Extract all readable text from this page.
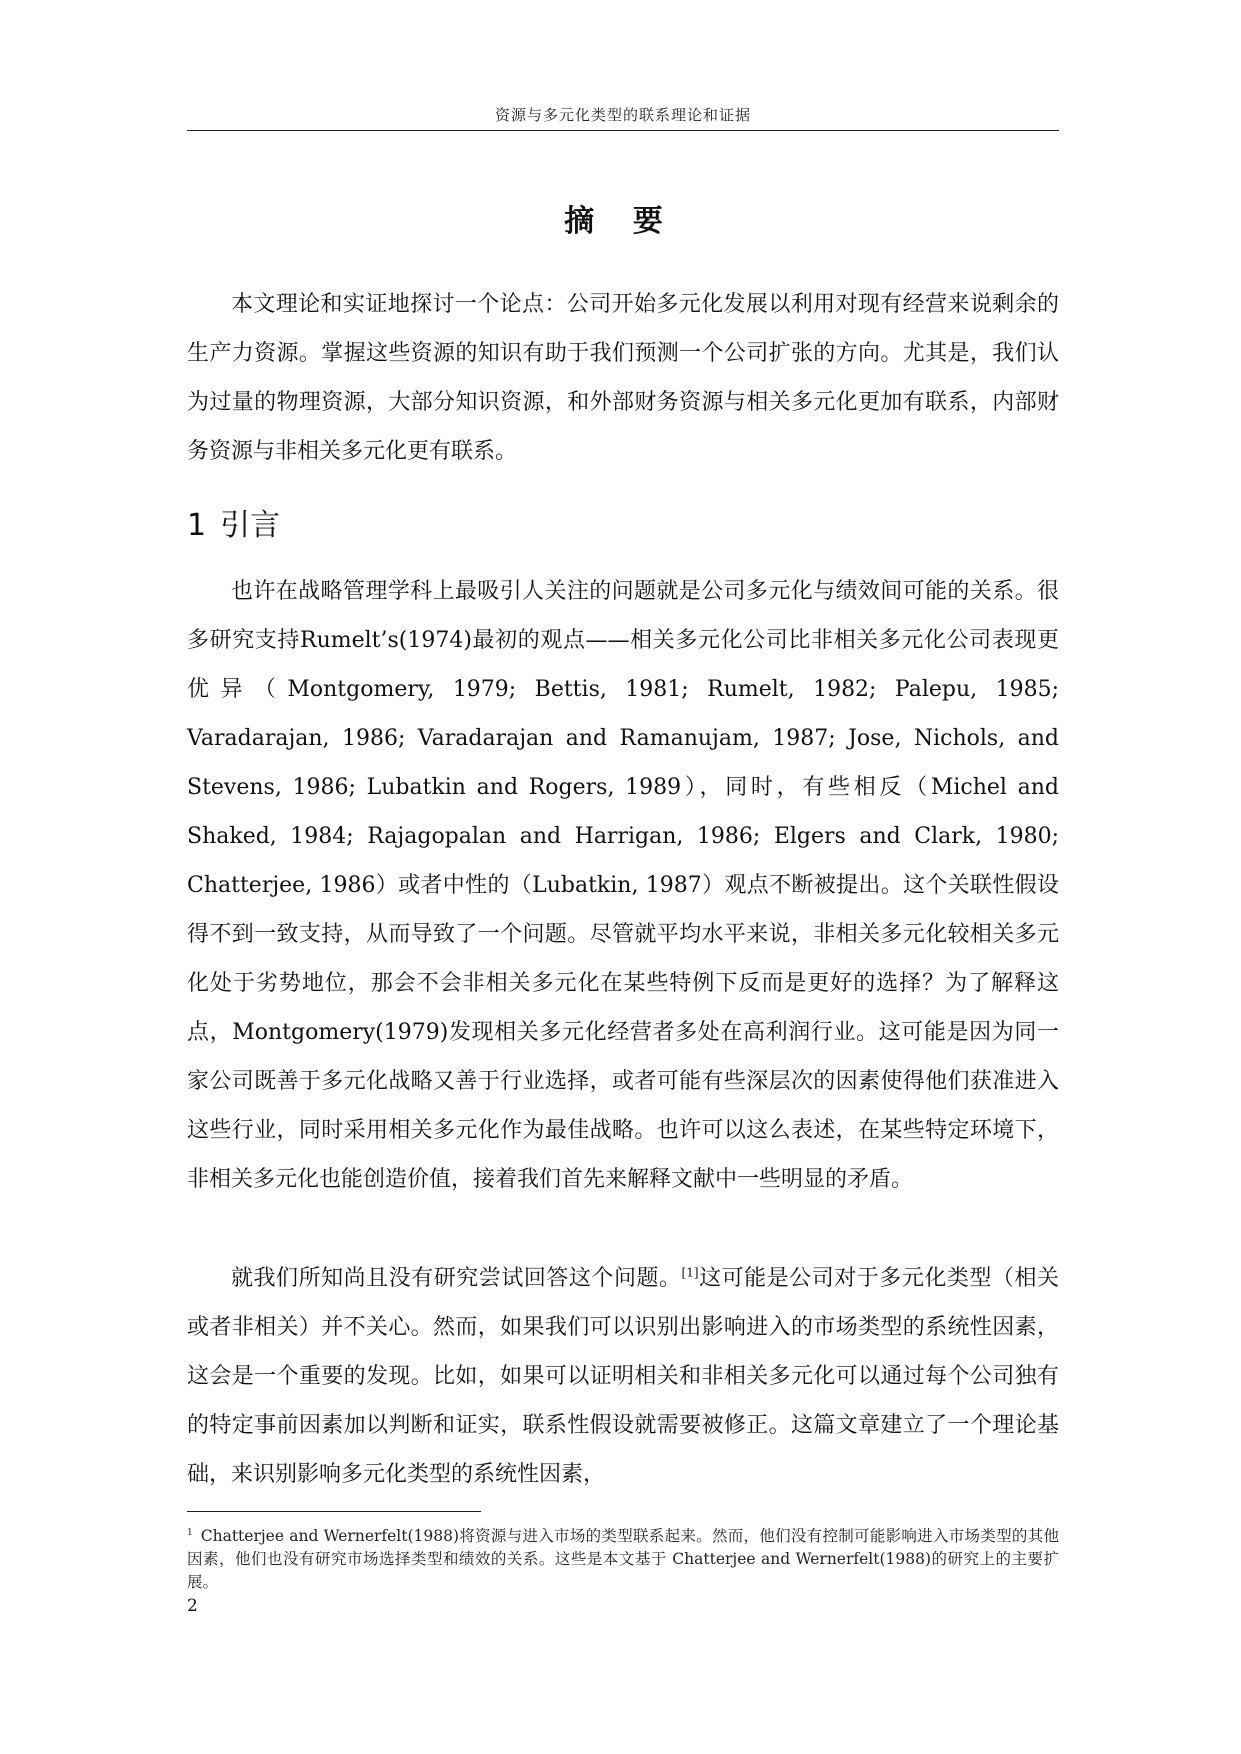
资源与多元化类型的联系理论和证据
摘 要

本文理论和实证地探讨一个论点：公司开始多元化发展以利用对现有经营来说剩余的生产力资源。掌握这些资源的知识有助于我们预测一个公司扩张的方向。尤其是，我们认为过量的物理资源，大部分知识资源，和外部财务资源与相关多元化更加有联系，内部财务资源与非相关多元化更有联系。

1 引言

也许在战略管理学科上最吸引人关注的问题就是公司多元化与绩效间可能的关系。很多研究支持Rumelt’s(1974)最初的观点——相关多元化公司比非相关多元化公司表现更优异（Montgomery, 1979; Bettis, 1981; Rumelt, 1982; Palepu, 1985; Varadarajan, 1986; Varadarajan and Ramanujam, 1987; Jose, Nichols, and Stevens, 1986; Lubatkin and Rogers, 1989），同时，有些相反（Michel and Shaked, 1984; Rajagopalan and Harrigan, 1986; Elgers and Clark, 1980; Chatterjee, 1986）或者中性的（Lubatkin, 1987）观点不断被提出。这个关联性假设得不到一致支持，从而导致了一个问题。尽管就平均水平来说，非相关多元化较相关多元化处于劣势地位，那会不会非相关多元化在某些特例下反而是更好的选择？为了解释这点，Montgomery(1979)发现相关多元化经营者多处在高利润行业。这可能是因为同一家公司既善于多元化战略又善于行业选择，或者可能有些深层次的因素使得他们获准进入这些行业，同时采用相关多元化作为最佳战略。也许可以这么表述，在某些特定环境下，非相关多元化也能创造价值，接着我们首先来解释文献中一些明显的矛盾。

就我们所知尚且没有研究尝试回答这个问题。[1]这可能是公司对于多元化类型（相关或者非相关）并不关心。然而，如果我们可以识别出影响进入的市场类型的系统性因素，这会是一个重要的发现。比如，如果可以证明相关和非相关多元化可以通过每个公司独有的特定事前因素加以判断和证实，联系性假设就需要被修正。这篇文章建立了一个理论基础，来识别影响多元化类型的系统性因素，

$^1$ Chatterjee and Wernerfelt(1988)将资源与进入市场的类型联系起来。然而，他们没有控制可能影响进入市场类型的其他因素，他们也没有研究市场选择类型和绩效的关系。这些是本文基于 Chatterjee and Wernerfelt(1988)的研究上的主要扩展。

2
